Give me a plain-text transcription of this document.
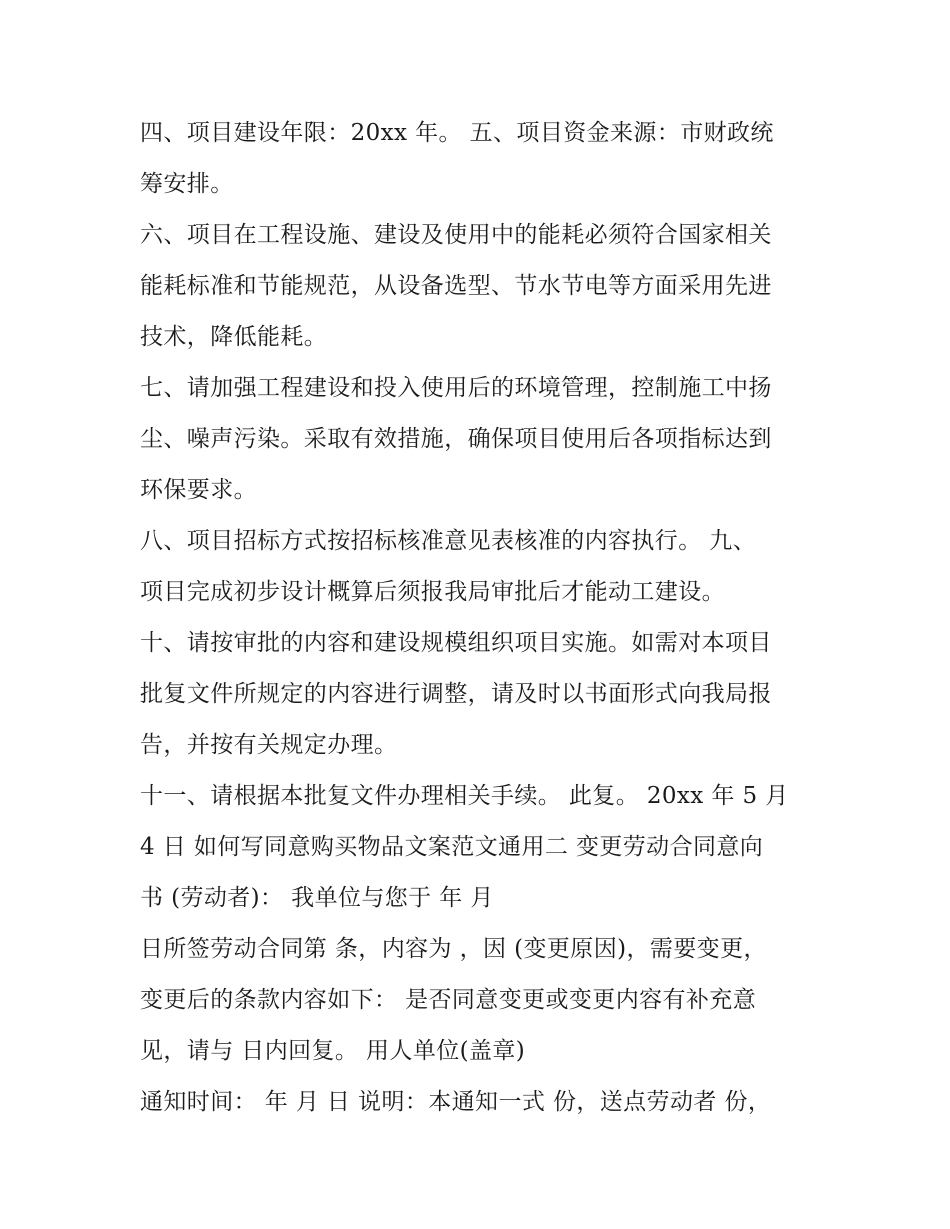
四、项目建设年限：20xx 年。 五、项目资金来源：市财政统
筹安排。
六、项目在工程设施、建设及使用中的能耗必须符合国家相关
能耗标准和节能规范，从设备选型、节水节电等方面采用先进
技术，降低能耗。
七、请加强工程建设和投入使用后的环境管理，控制施工中扬
尘、噪声污染。采取有效措施，确保项目使用后各项指标达到
环保要求。
八、项目招标方式按招标核准意见表核准的内容执行。 九、
项目完成初步设计概算后须报我局审批后才能动工建设。
十、请按审批的内容和建设规模组织项目实施。如需对本项目
批复文件所规定的内容进行调整，请及时以书面形式向我局报
告，并按有关规定办理。
十一、请根据本批复文件办理相关手续。 此复。 20xx 年 5 月
4 日 如何写同意购买物品文案范文通用二 变更劳动合同意向
书 (劳动者)： 我单位与您于 年 月
日所签劳动合同第 条，内容为 ，因 (变更原因)，需要变更，
变更后的条款内容如下： 是否同意变更或变更内容有补充意
见，请与 日内回复。 用人单位(盖章)
通知时间： 年 月 日 说明：本通知一式 份，送点劳动者 份，
